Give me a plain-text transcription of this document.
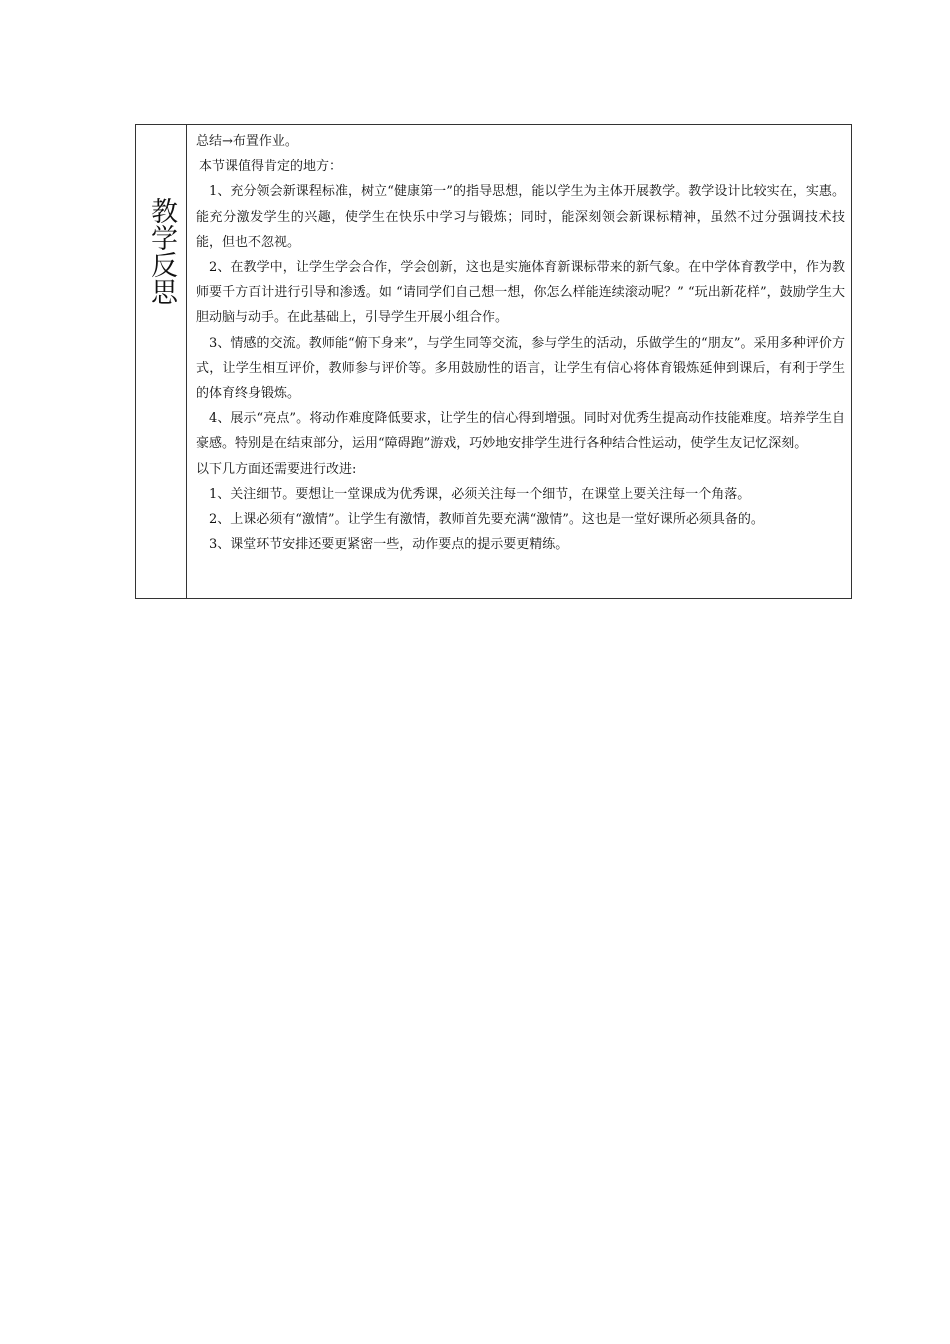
教学反思

总结→布置作业。

本节课值得肯定的地方：

1、充分领会新课程标准，树立“健康第一”的指导思想，能以学生为主体开展教学。教学设计比较实在，实惠。能充分激发学生的兴趣，使学生在快乐中学习与锻炼；同时，能深刻领会新课标精神，虽然不过分强调技术技能，但也不忽视。

2、在教学中，让学生学会合作，学会创新，这也是实施体育新课标带来的新气象。在中学体育教学中，作为教师要千方百计进行引导和渗透。如 “请同学们自己想一想，你怎么样能连续滚动呢？” “玩出新花样”，鼓励学生大胆动脑与动手。在此基础上，引导学生开展小组合作。

3、情感的交流。教师能“俯下身来”，与学生同等交流，参与学生的活动，乐做学生的“朋友”。采用多种评价方式，让学生相互评价，教师参与评价等。多用鼓励性的语言，让学生有信心将体育锻炼延伸到课后，有利于学生的体育终身锻炼。

4、展示“亮点”。将动作难度降低要求，让学生的信心得到增强。同时对优秀生提高动作技能难度。培养学生自豪感。特别是在结束部分，运用“障碍跑”游戏，巧妙地安排学生进行各种结合性运动，使学生友记忆深刻。

以下几方面还需要进行改进:

1、关注细节。要想让一堂课成为优秀课，必须关注每一个细节，在课堂上要关注每一个角落。

2、上课必须有“激情”。让学生有激情，教师首先要充满“激情”。这也是一堂好课所必须具备的。

3、课堂环节安排还要更紧密一些，动作要点的提示要更精练。
